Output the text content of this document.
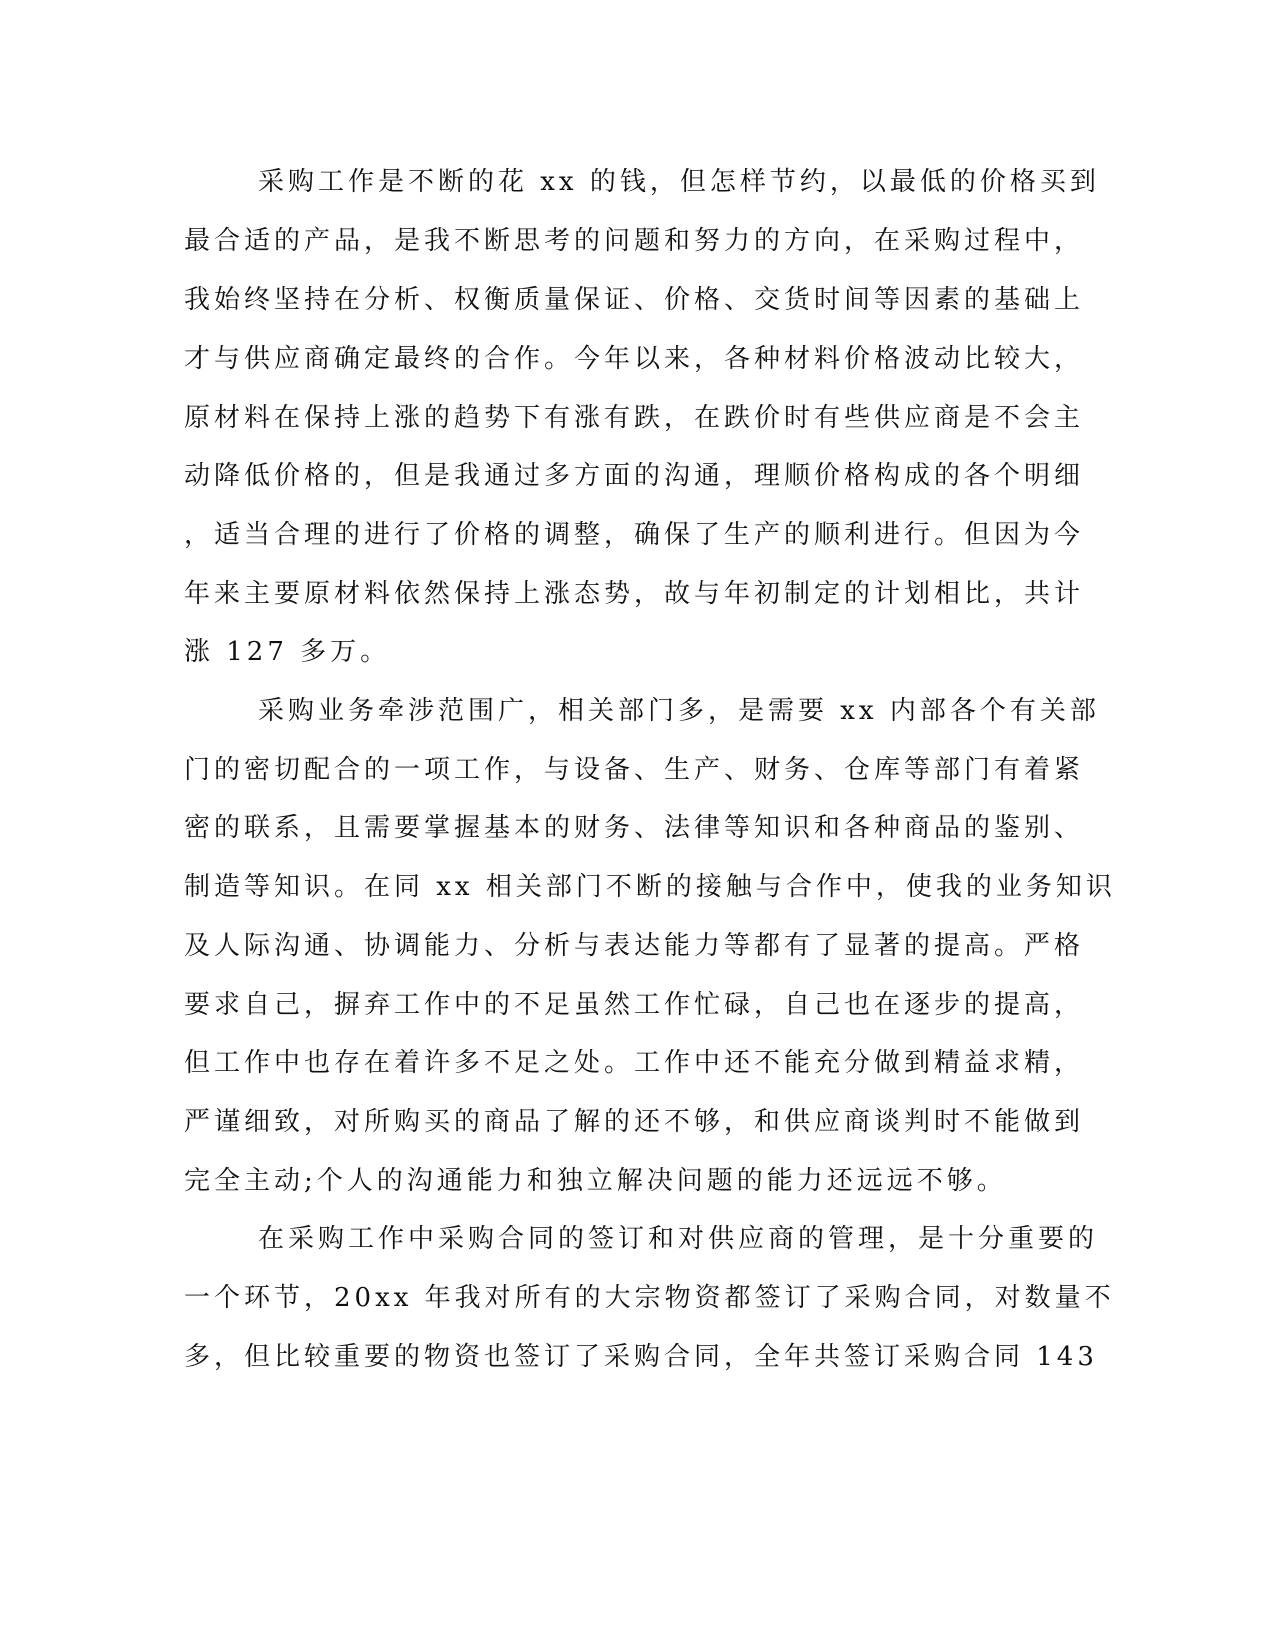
采购工作是不断的花 xx 的钱，但怎样节约，以最低的价格买到
最合适的产品，是我不断思考的问题和努力的方向，在采购过程中，
我始终坚持在分析、权衡质量保证、价格、交货时间等因素的基础上
才与供应商确定最终的合作。今年以来，各种材料价格波动比较大，
原材料在保持上涨的趋势下有涨有跌，在跌价时有些供应商是不会主
动降低价格的，但是我通过多方面的沟通，理顺价格构成的各个明细
，适当合理的进行了价格的调整，确保了生产的顺利进行。但因为今
年来主要原材料依然保持上涨态势，故与年初制定的计划相比，共计
涨 127 多万。
采购业务牵涉范围广，相关部门多，是需要 xx 内部各个有关部
门的密切配合的一项工作，与设备、生产、财务、仓库等部门有着紧
密的联系，且需要掌握基本的财务、法律等知识和各种商品的鉴别、
制造等知识。在同 xx 相关部门不断的接触与合作中，使我的业务知识
及人际沟通、协调能力、分析与表达能力等都有了显著的提高。严格
要求自己，摒弃工作中的不足虽然工作忙碌，自己也在逐步的提高，
但工作中也存在着许多不足之处。工作中还不能充分做到精益求精，
严谨细致，对所购买的商品了解的还不够，和供应商谈判时不能做到
完全主动;个人的沟通能力和独立解决问题的能力还远远不够。
在采购工作中采购合同的签订和对供应商的管理，是十分重要的
一个环节，20xx 年我对所有的大宗物资都签订了采购合同，对数量不
多，但比较重要的物资也签订了采购合同，全年共签订采购合同 143
